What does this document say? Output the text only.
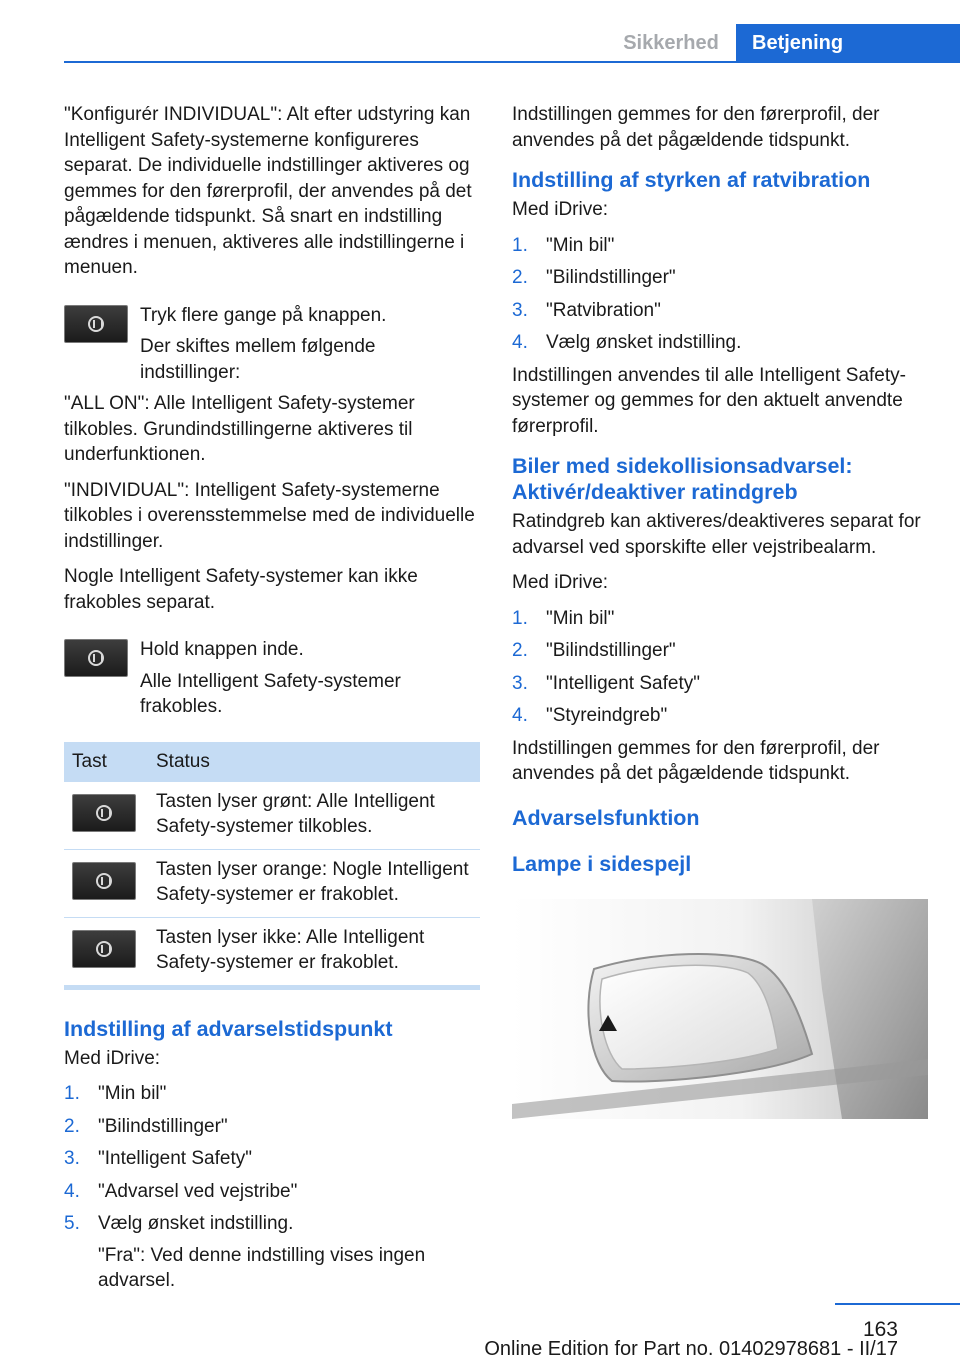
Sikkerhed	Betjening

"Konfigurér INDIVIDUAL": Alt efter udstyring kan Intelligent Safety-systemerne konfigureres separat. De individuelle indstillinger aktiveres og gemmes for den førerprofil, der anvendes på det pågældende tidspunkt. Så snart en indstilling ændres i menuen, aktiveres alle indstillingerne i menuen.

Tryk flere gange på knappen.

Der skiftes mellem følgende indstillinger:

"ALL ON": Alle Intelligent Safety-systemer tilkobles. Grundindstillingerne aktiveres til underfunktionen.

"INDIVIDUAL": Intelligent Safety-systemerne tilkobles i overensstemmelse med de individuelle indstillinger.

Nogle Intelligent Safety-systemer kan ikke frakobles separat.

Hold knappen inde.

Alle Intelligent Safety-systemer frakobles.

Tast	Status

	Tasten lyser grønt: Alle Intelligent Safety-systemer tilkobles.

	Tasten lyser orange: Nogle Intelligent Safety-systemer er frakoblet.

	Tasten lyser ikke: Alle Intelligent Safety-systemer er frakoblet.
Indstilling af advarselstidspunkt

Med iDrive:

1. "Min bil"
2. "Bilindstillinger"
3. "Intelligent Safety"
4. "Advarsel ved vejstribe"
5. Vælg ønsket indstilling.
"Fra": Ved denne indstilling vises ingen advarsel.

Indstillingen gemmes for den førerprofil, der anvendes på det pågældende tidspunkt.

Indstilling af styrken af ratvibration

Med iDrive:

1. "Min bil"
2. "Bilindstillinger"
3. "Ratvibration"
4. Vælg ønsket indstilling.

Indstillingen anvendes til alle Intelligent Safety-systemer og gemmes for den aktuelt anvendte førerprofil.

Biler med sidekollisionsadvarsel: Aktivér/deaktiver ratindgreb

Ratindgreb kan aktiveres/deaktiveres separat for advarsel ved sporskifte eller vejstribealarm.

Med iDrive:

1. "Min bil"
2. "Bilindstillinger"
3. "Intelligent Safety"
4. "Styreindgreb"

Indstillingen gemmes for den førerprofil, der anvendes på det pågældende tidspunkt.

Advarselsfunktion
Lampe i sidespejl
163
Online Edition for Part no. 01402978681 - II/17
